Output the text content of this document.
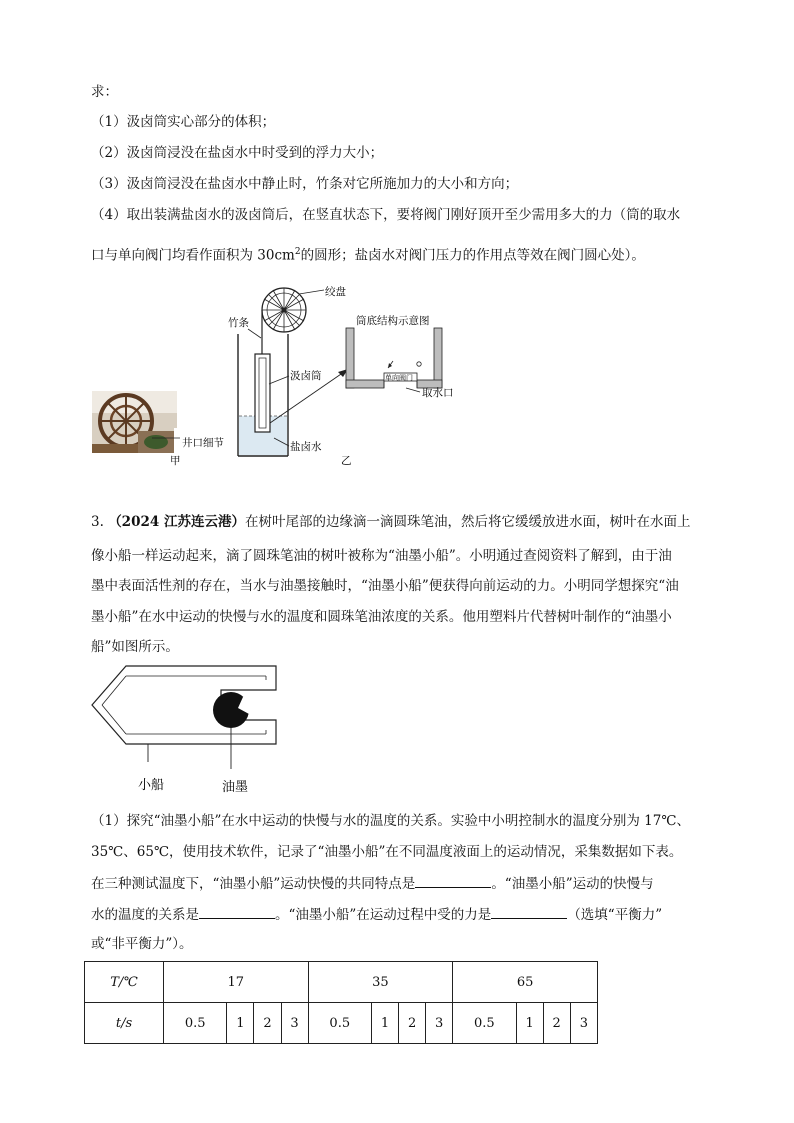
求：
（1）汲卤筒实心部分的体积；
（2）汲卤筒浸没在盐卤水中时受到的浮力大小；
（3）汲卤筒浸没在盐卤水中静止时，竹条对它所施加力的大小和方向；
（4）取出装满盐卤水的汲卤筒后，在竖直状态下，要将阀门刚好顶开至少需用多大的力（筒的取水
口与单向阀门均看作面积为 $30cm^2$的圆形；盐卤水对阀门压力的作用点等效在阀门圆心处）。
井口细节
甲
绞盘
竹条
汲卤筒
盐卤水
筒底结构示意图
单向阀门
取水口
乙
3. （2024 江苏连云港）在树叶尾部的边缘滴一滴圆珠笔油，然后将它缓缓放进水面，树叶在水面上
像小船一样运动起来，滴了圆珠笔油的树叶被称为“油墨小船”。小明通过查阅资料了解到，由于油
墨中表面活性剂的存在，当水与油墨接触时，“油墨小船”便获得向前运动的力。小明同学想探究“油
墨小船”在水中运动的快慢与水的温度和圆珠笔油浓度的关系。他用塑料片代替树叶制作的“油墨小
船”如图所示。
小船	油墨
（1）探究“油墨小船”在水中运动的快慢与水的温度的关系。实验中小明控制水的温度分别为 17℃、
35℃、65℃，使用技术软件，记录了“油墨小船”在不同温度液面上的运动情况，采集数据如下表。
在三种测试温度下，“油墨小船”运动快慢的共同特点是	。“油墨小船”运动的快慢与
水的温度的关系是	。“油墨小船”在运动过程中受的力是	（选填“平衡力”
或“非平衡力”）。
T/℃	17				35				65			
t/s	0.5	1	2	3	0.5	1	2	3	0.5	1	2	3
